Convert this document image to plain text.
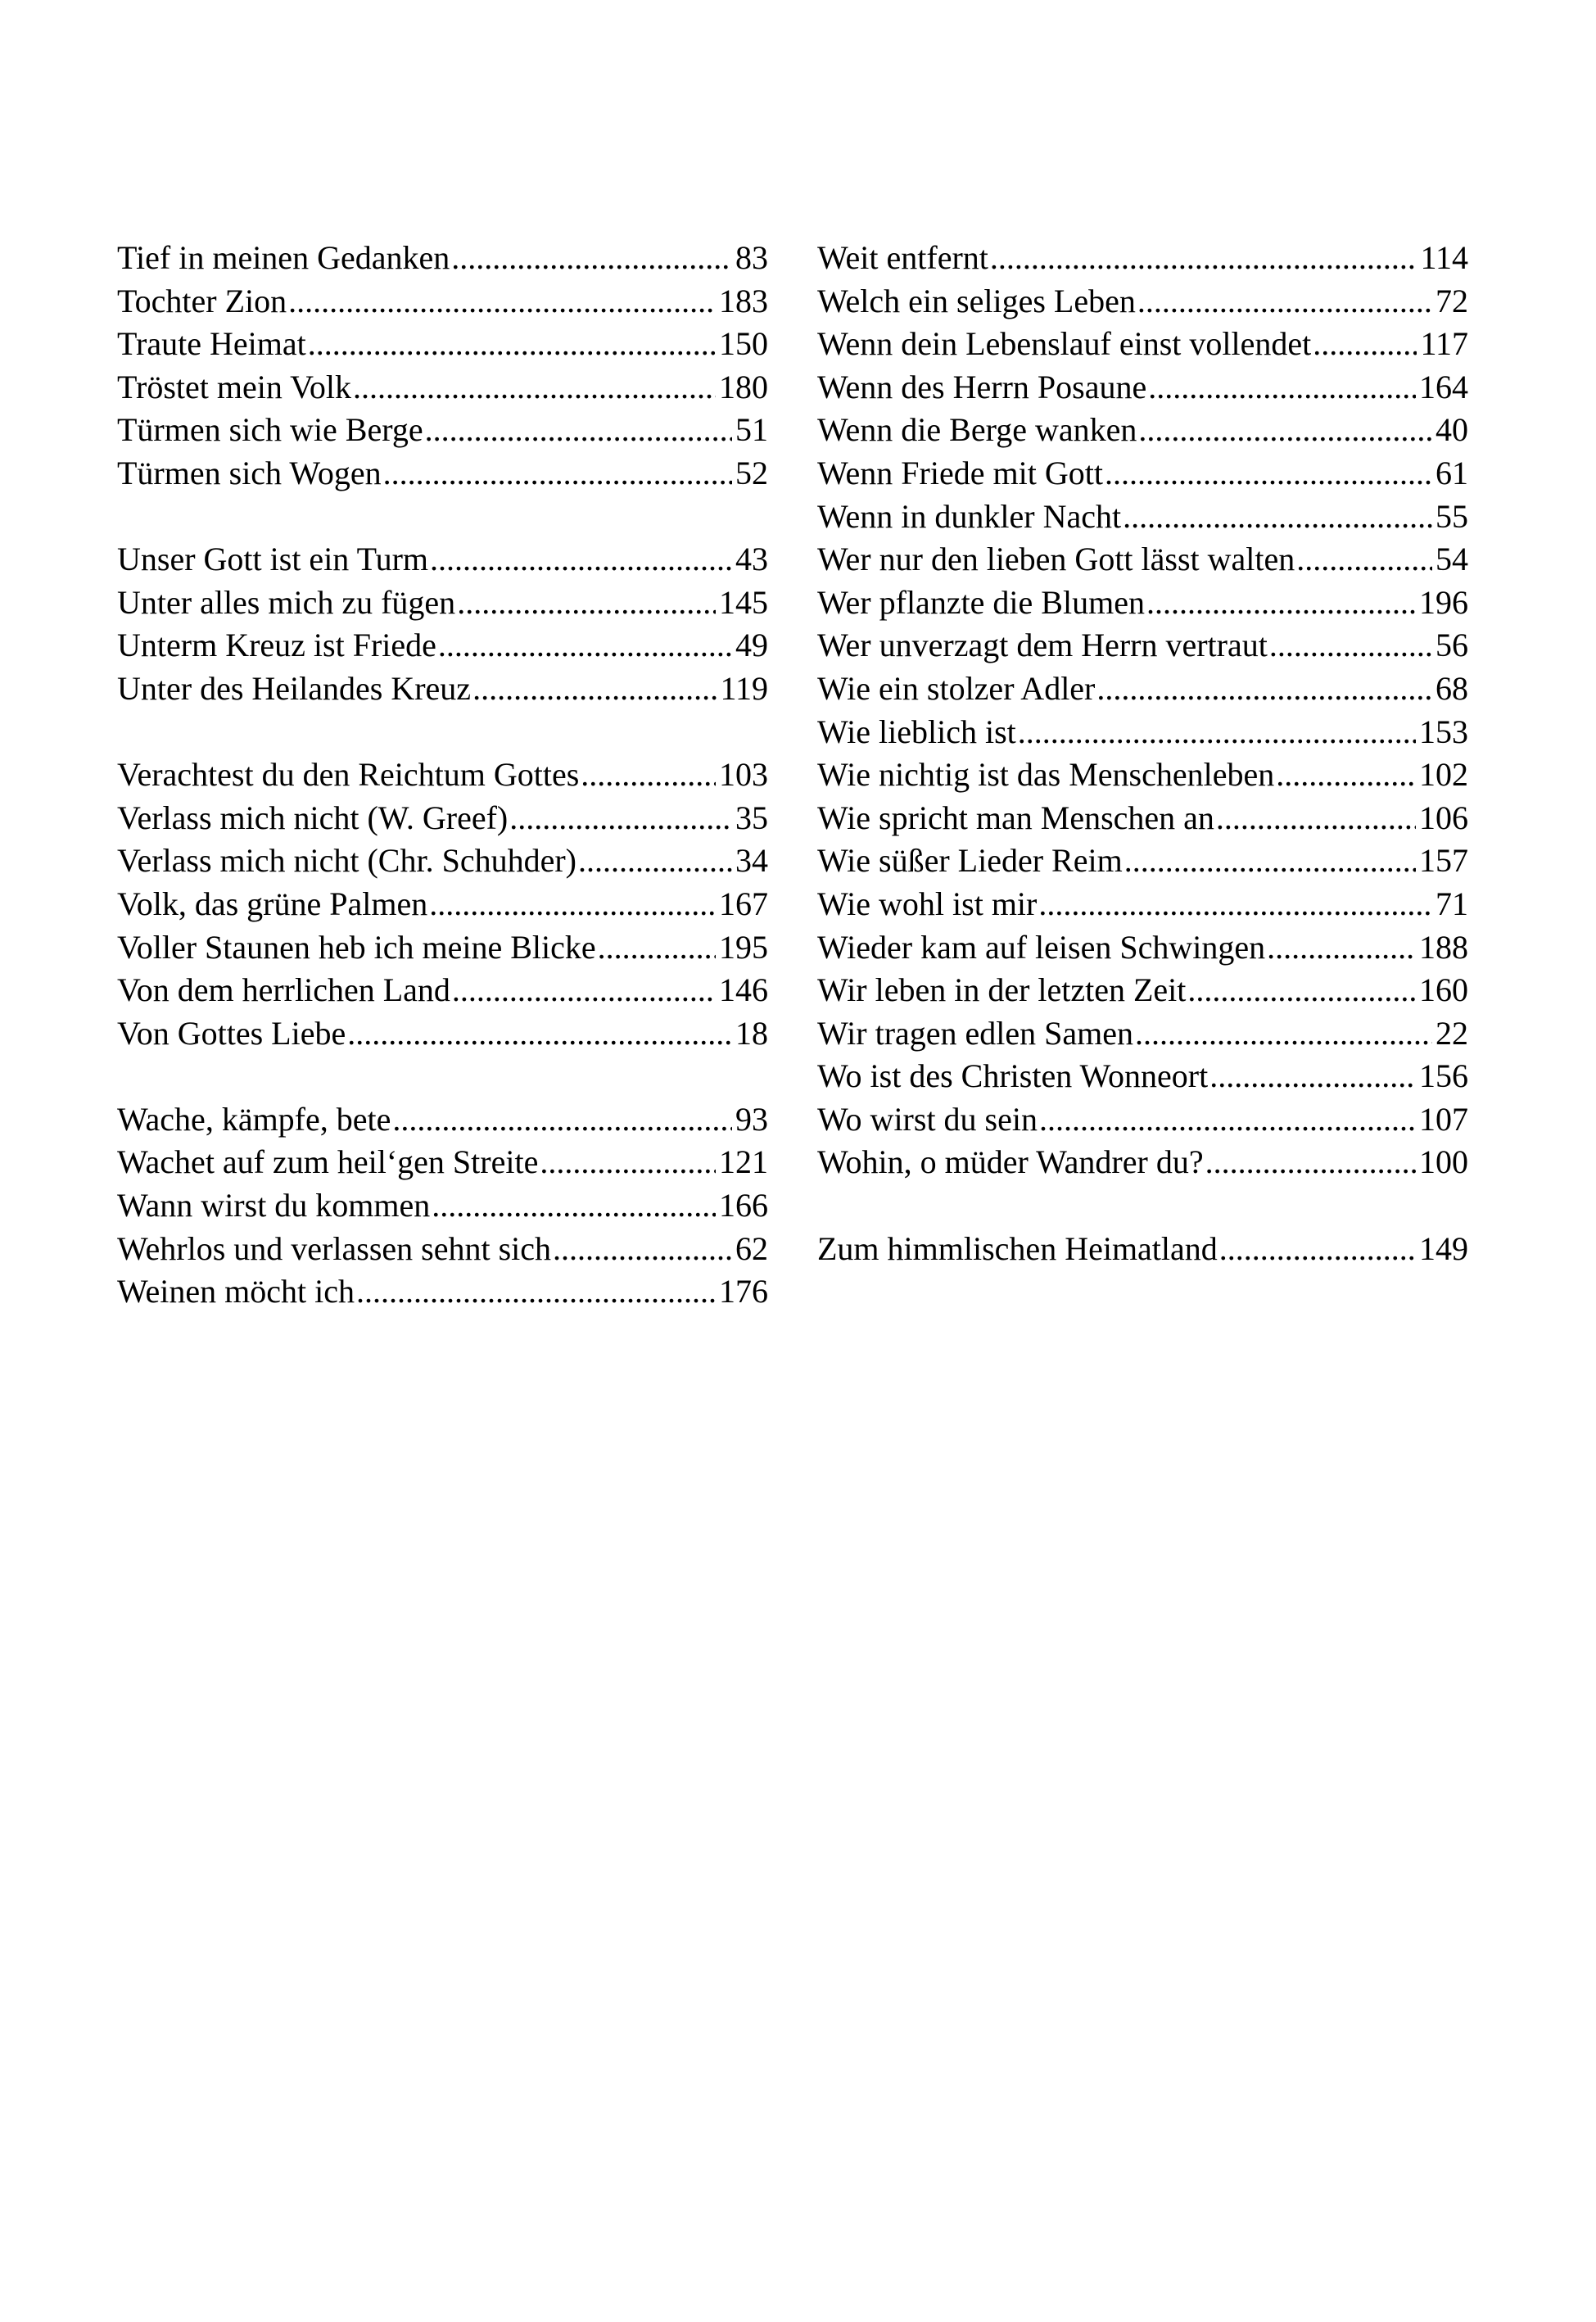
Tief in meinen Gedanken .....	83
Tochter Zion .....	183
Traute Heimat .....	150
Tröstet mein Volk .....	180
Türmen sich wie Berge .....	51
Türmen sich Wogen .....	52
Unser Gott ist ein Turm .....	43
Unter alles mich zu fügen .....	145
Unterm Kreuz ist Friede .....	49
Unter des Heilandes Kreuz .....	119
Verachtest du den Reichtum Gottes .....	103
Verlass mich nicht (W. Greef) .....	35
Verlass mich nicht (Chr. Schuhder) .....	34
Volk, das grüne Palmen .....	167
Voller Staunen heb ich meine Blicke .....	195
Von dem herrlichen Land .....	146
Von Gottes Liebe .....	18
Wache, kämpfe, bete .....	93
Wachet auf zum heil‘gen Streite .....	121
Wann wirst du kommen .....	166
Wehrlos und verlassen sehnt sich .....	62
Weinen möcht ich .....	176
Weit entfernt .....	114
Welch ein seliges Leben .....	72
Wenn dein Lebenslauf einst vollendet .....	117
Wenn des Herrn Posaune .....	164
Wenn die Berge wanken .....	40
Wenn Friede mit Gott .....	61
Wenn in dunkler Nacht .....	55
Wer nur den lieben Gott lässt walten .....	54
Wer pflanzte die Blumen .....	196
Wer unverzagt dem Herrn vertraut .....	56
Wie ein stolzer Adler .....	68
Wie lieblich ist .....	153
Wie nichtig ist das Menschenleben .....	102
Wie spricht man Menschen an .....	106
Wie süßer Lieder Reim .....	157
Wie wohl ist mir .....	71
Wieder kam auf leisen Schwingen .....	188
Wir leben in der letzten Zeit .....	160
Wir tragen edlen Samen .....	22
Wo ist des Christen Wonneort .....	156
Wo wirst du sein .....	107
Wohin, o müder Wandrer du? .....	100
Zum himmlischen Heimatland .....	149
